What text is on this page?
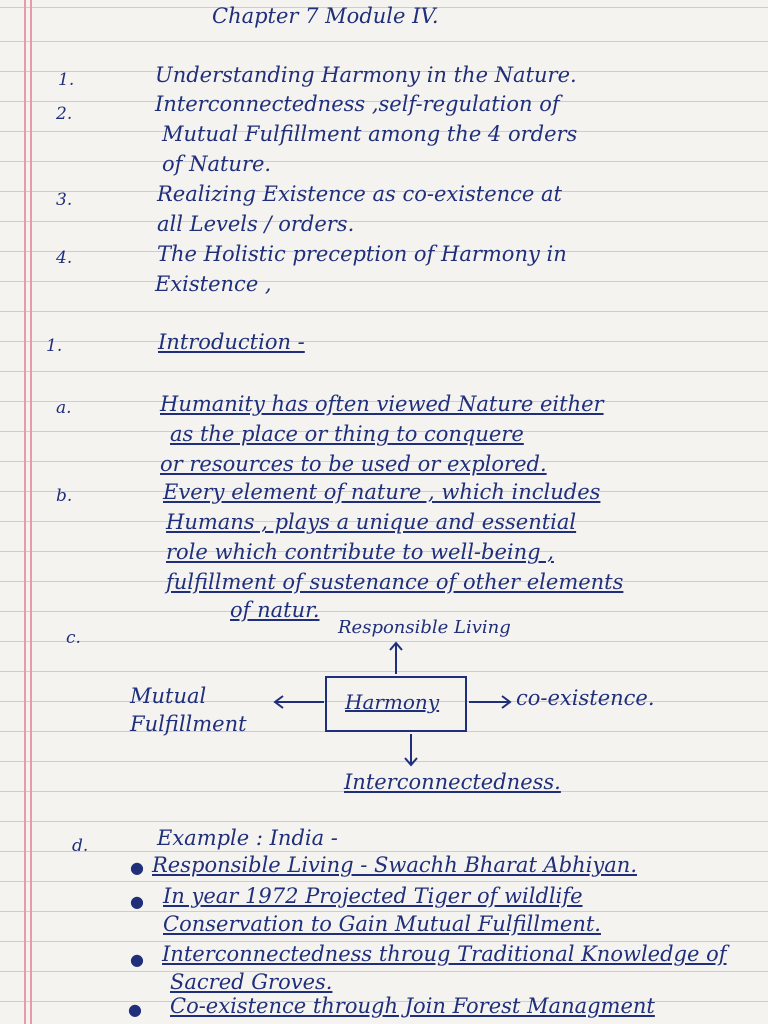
Chapter 7 Module IV.
1.	Understanding Harmony in the Nature.
2.	Interconnectedness ,self-regulation of
Mutual Fulfillment among the 4 orders
of Nature.
3.	Realizing Existence as co-existence at
all Levels / orders.
4.	The Holistic preception of Harmony in
Existence ,
1.	Introduction -
a.	Humanity has often viewed Nature either
as the place or thing to conquere
or resources to be used or explored.
b.	Every element of nature , which includes
Humans , plays a unique and essential
role which contribute to well-being ,
fulfillment of sustenance of other elements
of natur.
c.	Responsible Living
Harmony
Mutual
Fulfillment
co-existence.
Interconnectedness.
d.	Example : India -
● Responsible Living - Swachh Bharat Abhiyan.
● In year 1972 Projected Tiger of wildlife
Conservation to Gain Mutual Fulfillment.
● Interconnectedness throug Traditional Knowledge of
Sacred Groves.
● Co-existence through Join Forest Managment
